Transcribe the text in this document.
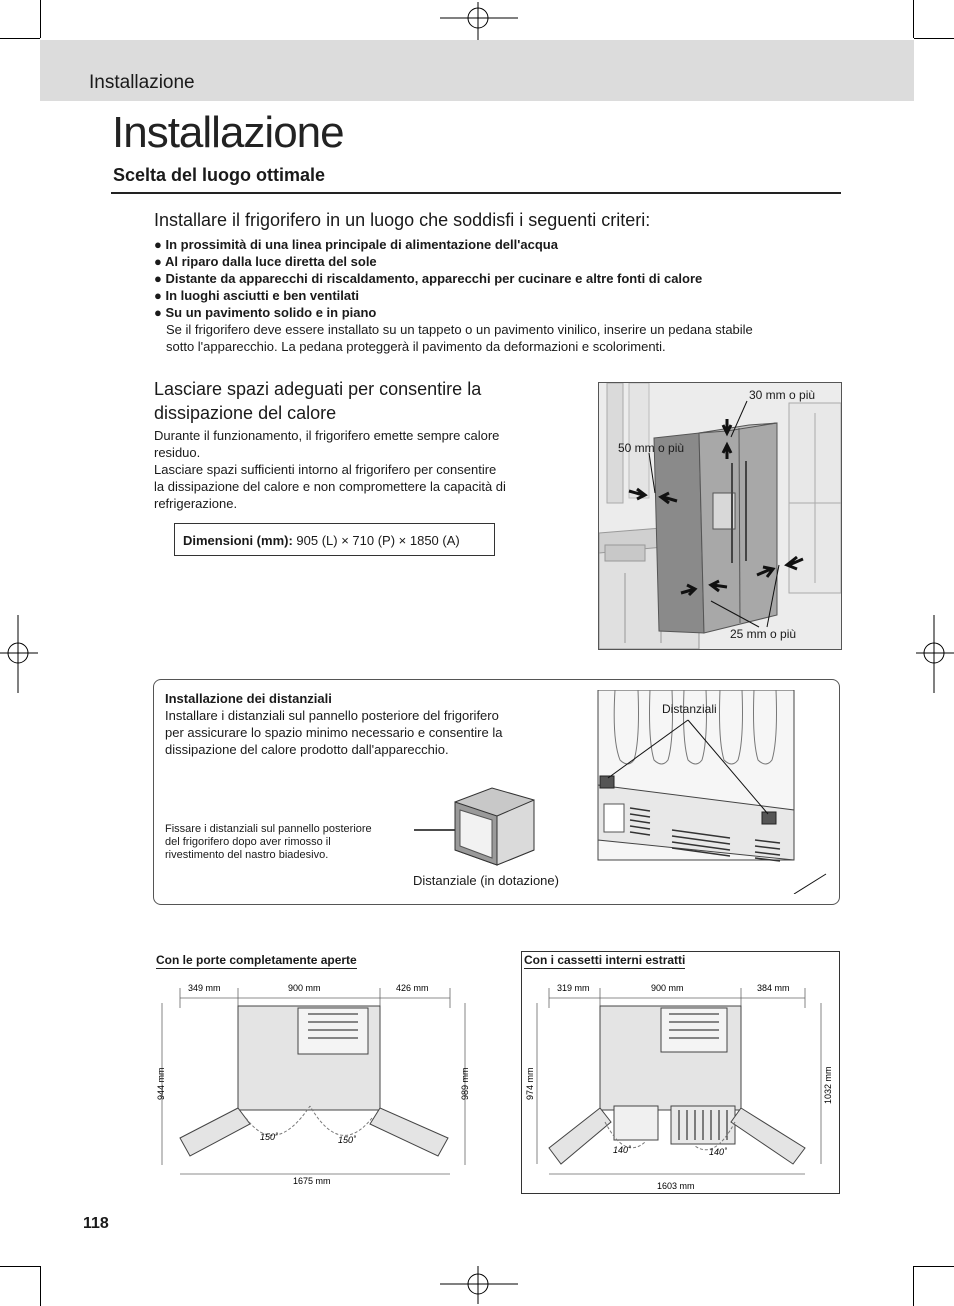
Installazione
Installazione
Scelta del luogo ottimale
Installare il frigorifero in un luogo che soddisfi i seguenti criteri:
● In prossimità di una linea principale di alimentazione dell'acqua
● Al riparo dalla luce diretta del sole
● Distante da apparecchi di riscaldamento, apparecchi per cucinare e altre fonti di calore
● In luoghi asciutti e ben ventilati
● Su un pavimento solido e in piano
Se il frigorifero deve essere installato su un tappeto o un pavimento vinilico, inserire un pedana stabile
sotto l'apparecchio. La pedana proteggerà il pavimento da deformazioni e scolorimenti.
Lasciare spazi adeguati per consentire la
dissipazione del calore
Durante il funzionamento, il frigorifero emette sempre calore
residuo.
Lasciare spazi sufficienti intorno al frigorifero per consentire
la dissipazione del calore e non compromettere la capacità di
refrigerazione.
Dimensioni (mm): 905 (L) × 710 (P) × 1850 (A)
30 mm o più
50 mm o più
25 mm o più
Installazione dei distanziali
Installare i distanziali sul pannello posteriore del frigorifero
per assicurare lo spazio minimo necessario e consentire la
dissipazione del calore prodotto dall'apparecchio.
Fissare i distanziali sul pannello posteriore
del frigorifero dopo aver rimosso il
rivestimento del nastro biadesivo.
Distanziale (in dotazione)
Distanziali
Con le porte completamente aperte
349 mm	900 mm	426 mm
150˚	150˚
1675 mm
944 mm	989 mm
Con i cassetti interni estratti
319 mm	900 mm	384 mm
140˚	140˚
1603 mm
974 mm	1032 mm
118
